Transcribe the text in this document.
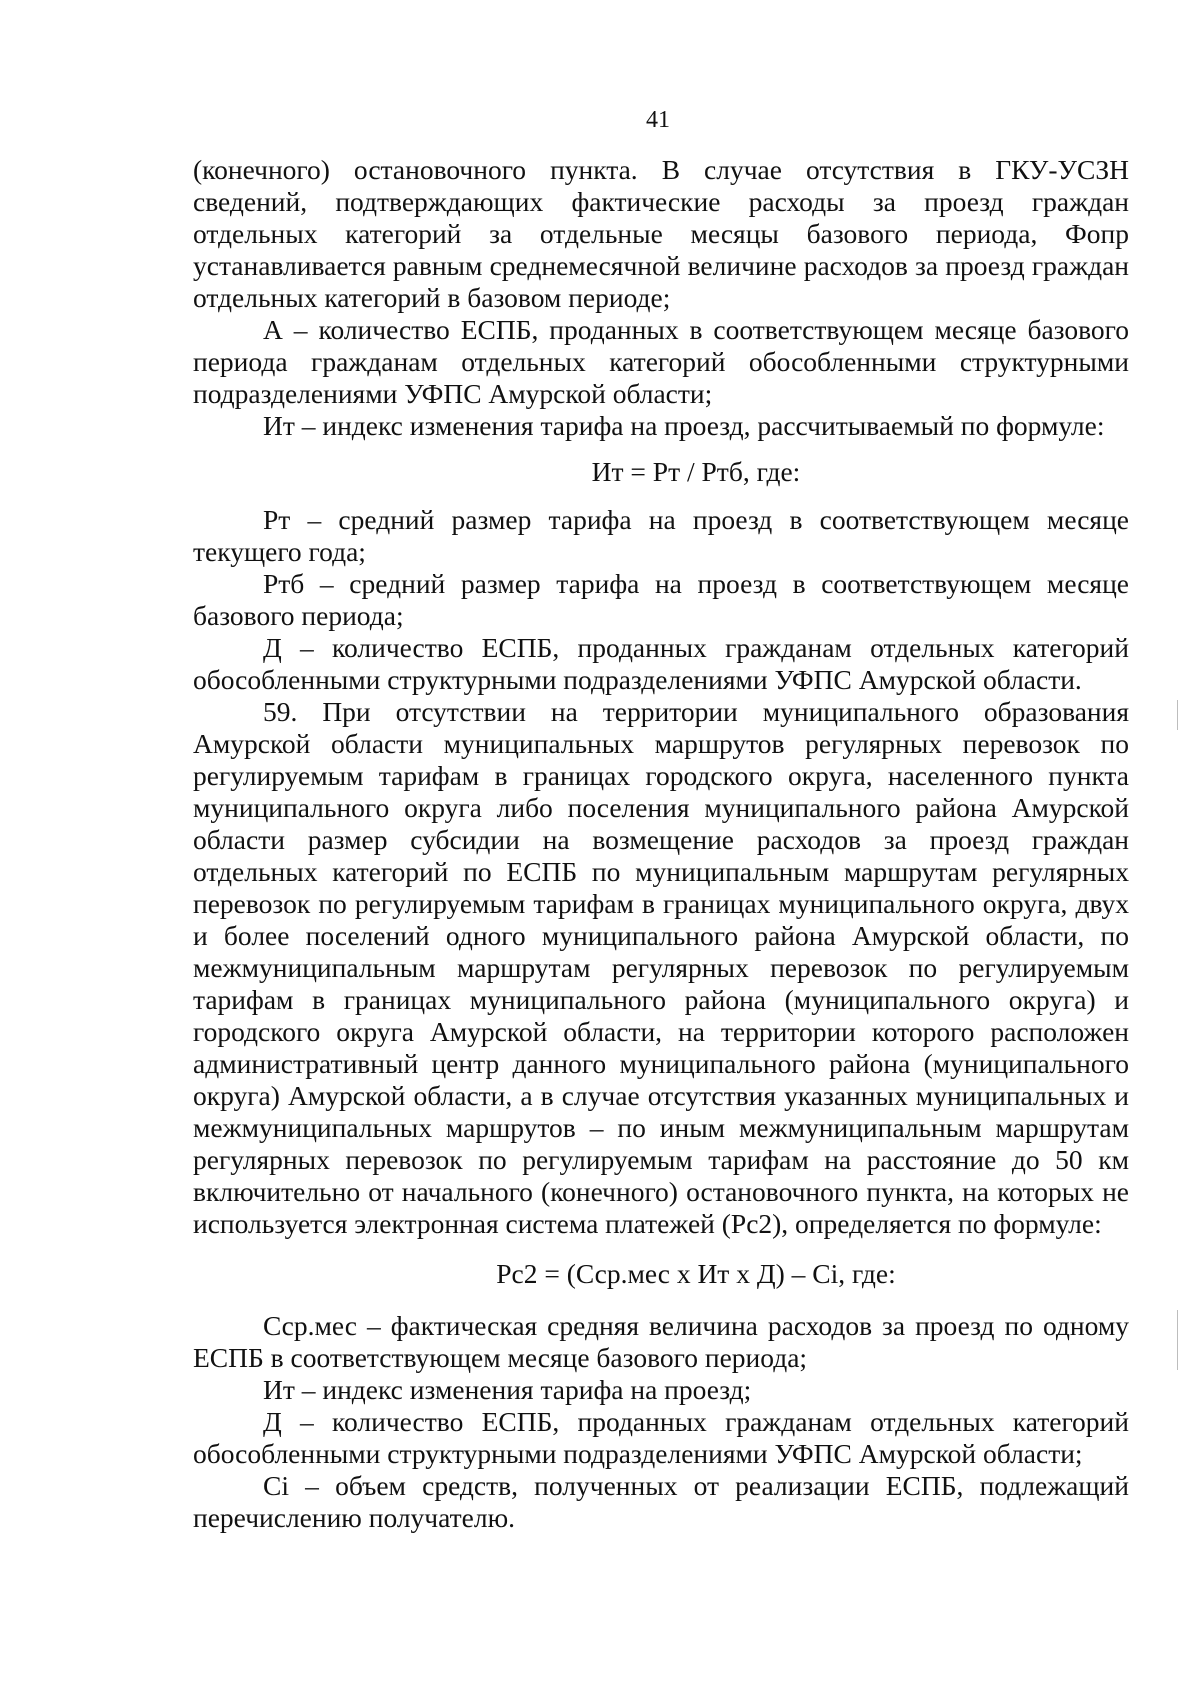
41

(конечного) остановочного пункта. В случае отсутствия в ГКУ-УСЗН сведений, подтверждающих фактические расходы за проезд граждан отдельных категорий за отдельные месяцы базового периода, Фопр устанавливается равным среднемесячной величине расходов за проезд граждан отдельных категорий в базовом периоде;

А – количество ЕСПБ, проданных в соответствующем месяце базового периода гражданам отдельных категорий обособленными структурными подразделениями УФПС Амурской области;

Ит – индекс изменения тарифа на проезд, рассчитываемый по формуле:

Ит = Рт / Ртб, где:

Рт – средний размер тарифа на проезд в соответствующем месяце текущего года;

Ртб – средний размер тарифа на проезд в соответствующем месяце базового периода;

Д – количество ЕСПБ, проданных гражданам отдельных категорий обособленными структурными подразделениями УФПС Амурской области.

59. При отсутствии на территории муниципального образования Амурской области муниципальных маршрутов регулярных перевозок по регулируемым тарифам в границах городского округа, населенного пункта муниципального округа либо поселения муниципального района Амурской области размер субсидии на возмещение расходов за проезд граждан отдельных категорий по ЕСПБ по муниципальным маршрутам регулярных перевозок по регулируемым тарифам в границах муниципального округа, двух и более поселений одного муниципального района Амурской области, по межмуниципальным маршрутам регулярных перевозок по регулируемым тарифам в границах муниципального района (муниципального округа) и городского округа Амурской области, на территории которого расположен административный центр данного муниципального района (муниципального округа) Амурской области, а в случае отсутствия указанных муниципальных и межмуниципальных маршрутов – по иным межмуниципальным маршрутам регулярных перевозок по регулируемым тарифам на расстояние до 50 км включительно от начального (конечного) остановочного пункта, на которых не используется электронная система платежей (Рс2), определяется по формуле:

Рс2 = (Сср.мес х Ит х Д) – Сi, где:

Сср.мес – фактическая средняя величина расходов за проезд по одному ЕСПБ в соответствующем месяце базового периода;

Ит – индекс изменения тарифа на проезд;

Д – количество ЕСПБ, проданных гражданам отдельных категорий обособленными структурными подразделениями УФПС Амурской области;

Сi – объем средств, полученных от реализации ЕСПБ, подлежащий перечислению получателю.
